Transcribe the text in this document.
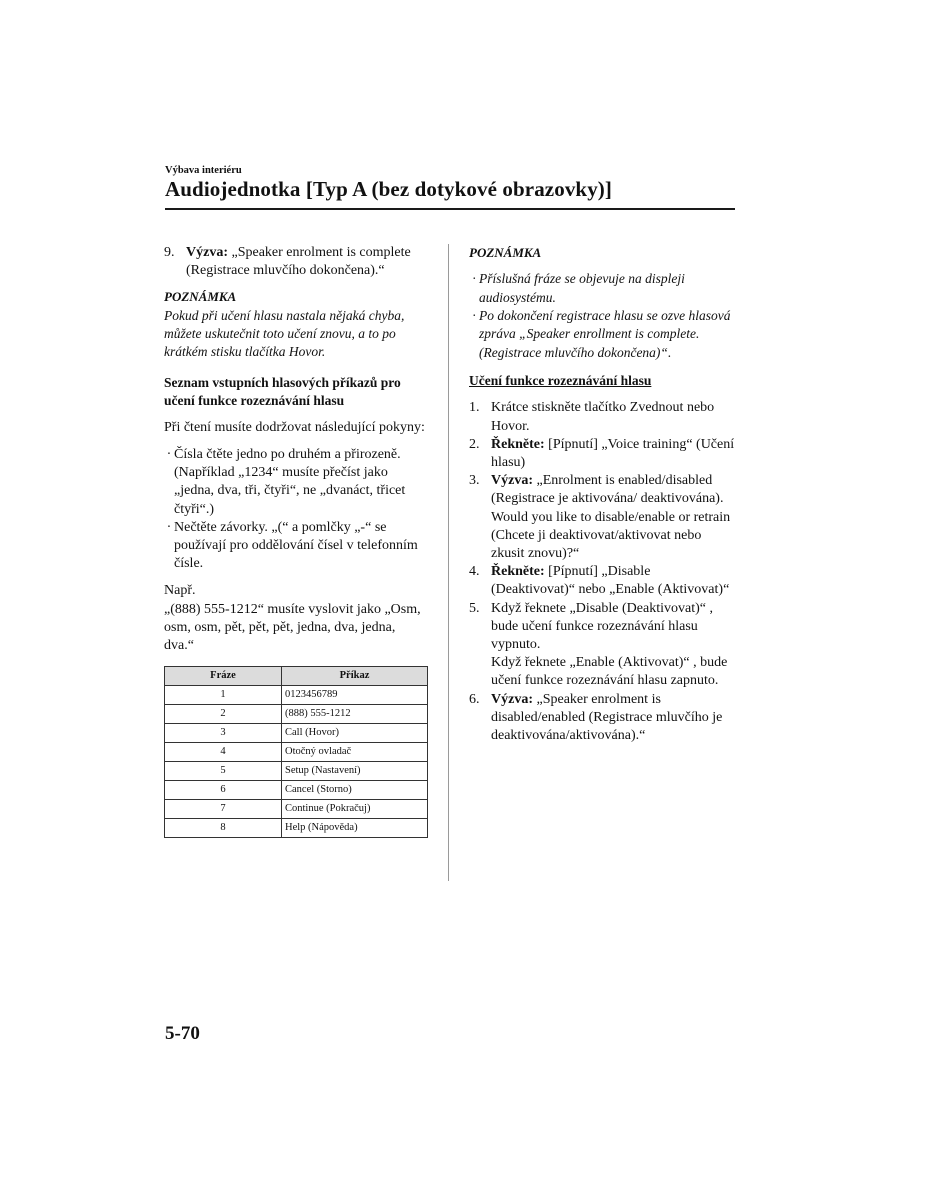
Výbava interiéru
Audiojednotka [Typ A (bez dotykové obrazovky)]
9. Výzva: „Speaker enrolment is complete (Registrace mluvčího dokončena).“
POZNÁMKA
Pokud při učení hlasu nastala nějaká chyba, můžete uskutečnit toto učení znovu, a to po krátkém stisku tlačítka Hovor.
Seznam vstupních hlasových příkazů pro učení funkce rozeznávání hlasu
Při čtení musíte dodržovat následující pokyny:
· Čísla čtěte jedno po druhém a přirozeně. (Například „1234“ musíte přečíst jako „jedna, dva, tři, čtyři“, ne „dvanáct, třicet čtyři“.)
· Nečtěte závorky. „(“ a pomlčky „-“ se používají pro oddělování čísel v telefonním čísle.
Např.
„(888) 555-1212“ musíte vyslovit jako „Osm, osm, osm, pět, pět, pět, jedna, dva, jedna, dva.“
Fráze	Příkaz
1	0123456789
2	(888) 555-1212
3	Call (Hovor)
4	Otočný ovladač
5	Setup (Nastavení)
6	Cancel (Storno)
7	Continue (Pokračuj)
8	Help (Nápověda)
POZNÁMKA
· Příslušná fráze se objevuje na displeji audiosystému.
· Po dokončení registrace hlasu se ozve hlasová zpráva „Speaker enrollment is complete. (Registrace mluvčího dokončena)“.
Učení funkce rozeznávání hlasu
1. Krátce stiskněte tlačítko Zvednout nebo Hovor.
2. Řekněte: [Pípnutí] „Voice training“ (Učení hlasu)
3. Výzva: „Enrolment is enabled/disabled (Registrace je aktivována/ deaktivována). Would you like to disable/enable or retrain (Chcete ji deaktivovat/aktivovat nebo zkusit znovu)?“
4. Řekněte: [Pípnutí] „Disable (Deaktivovat)“ nebo „Enable (Aktivovat)“
5. Když řeknete „Disable (Deaktivovat)“ , bude učení funkce rozeznávání hlasu vypnuto.
Když řeknete „Enable (Aktivovat)“ , bude učení funkce rozeznávání hlasu zapnuto.
6. Výzva: „Speaker enrolment is disabled/enabled (Registrace mluvčího je deaktivována/aktivována).“
5-70
